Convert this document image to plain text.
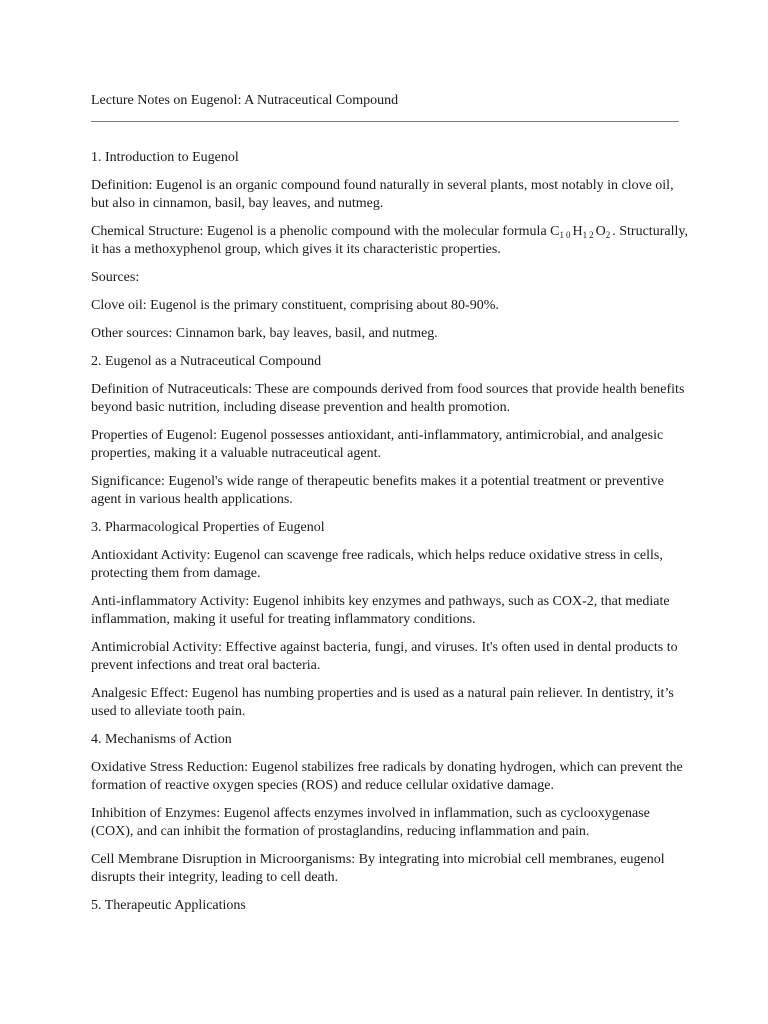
Lecture Notes on Eugenol: A Nutraceutical Compound

1. Introduction to Eugenol

Definition: Eugenol is an organic compound found naturally in several plants, most notably in clove oil, but also in cinnamon, basil, bay leaves, and nutmeg.

Chemical Structure: Eugenol is a phenolic compound with the molecular formula $C_{10}H_{12}O_2$. Structurally, it has a methoxyphenol group, which gives it its characteristic properties.

Sources:

Clove oil: Eugenol is the primary constituent, comprising about 80-90%.

Other sources: Cinnamon bark, bay leaves, basil, and nutmeg.

2. Eugenol as a Nutraceutical Compound

Definition of Nutraceuticals: These are compounds derived from food sources that provide health benefits beyond basic nutrition, including disease prevention and health promotion.

Properties of Eugenol: Eugenol possesses antioxidant, anti-inflammatory, antimicrobial, and analgesic properties, making it a valuable nutraceutical agent.

Significance: Eugenol's wide range of therapeutic benefits makes it a potential treatment or preventive agent in various health applications.

3. Pharmacological Properties of Eugenol

Antioxidant Activity: Eugenol can scavenge free radicals, which helps reduce oxidative stress in cells, protecting them from damage.

Anti-inflammatory Activity: Eugenol inhibits key enzymes and pathways, such as COX-2, that mediate inflammation, making it useful for treating inflammatory conditions.

Antimicrobial Activity: Effective against bacteria, fungi, and viruses. It's often used in dental products to prevent infections and treat oral bacteria.

Analgesic Effect: Eugenol has numbing properties and is used as a natural pain reliever. In dentistry, it’s used to alleviate tooth pain.

4. Mechanisms of Action

Oxidative Stress Reduction: Eugenol stabilizes free radicals by donating hydrogen, which can prevent the formation of reactive oxygen species (ROS) and reduce cellular oxidative damage.

Inhibition of Enzymes: Eugenol affects enzymes involved in inflammation, such as cyclooxygenase (COX), and can inhibit the formation of prostaglandins, reducing inflammation and pain.

Cell Membrane Disruption in Microorganisms: By integrating into microbial cell membranes, eugenol disrupts their integrity, leading to cell death.

5. Therapeutic Applications
